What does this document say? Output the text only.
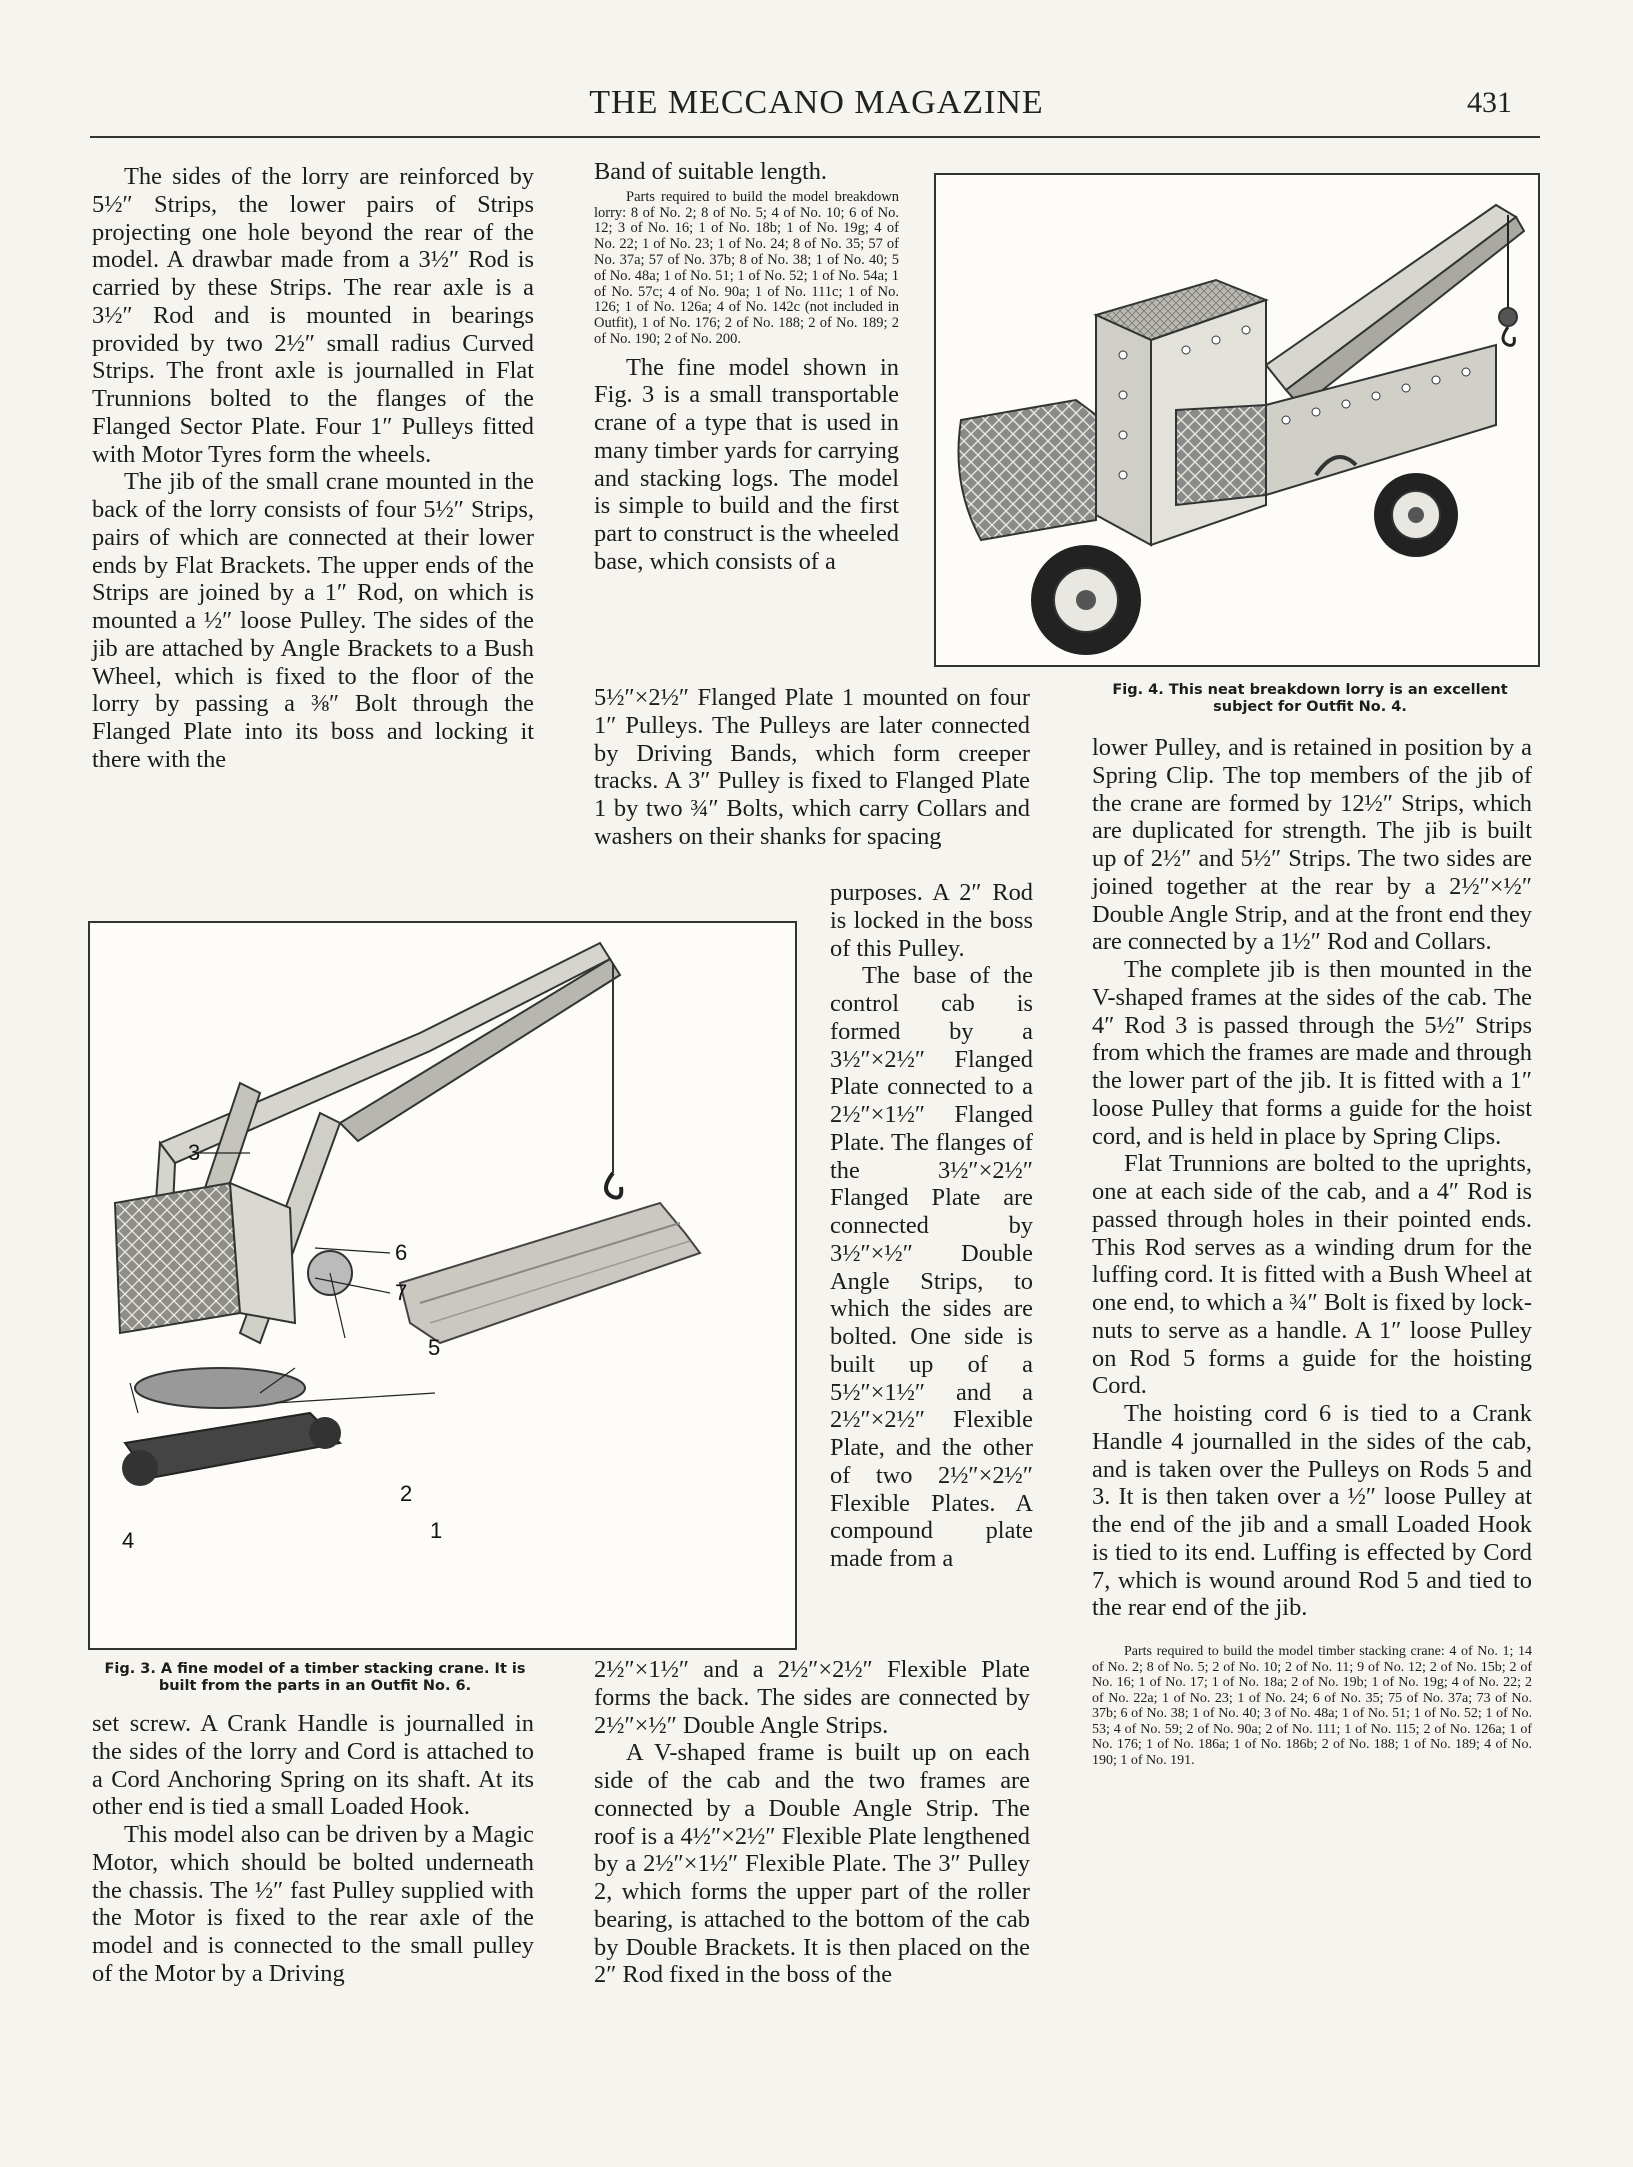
THE MECCANO MAGAZINE	431

The sides of the lorry are reinforced by 5½″ Strips, the lower pairs of Strips projecting one hole beyond the rear of the model. A drawbar made from a 3½″ Rod is carried by these Strips. The rear axle is a 3½″ Rod and is mounted in bearings provided by two 2½″ small radius Curved Strips. The front axle is journalled in Flat Trunnions bolted to the flanges of the Flanged Sector Plate. Four 1″ Pulleys fitted with Motor Tyres form the wheels.

The jib of the small crane mounted in the back of the lorry consists of four 5½″ Strips, pairs of which are connected at their lower ends by Flat Brackets. The upper ends of the Strips are joined by a 1″ Rod, on which is mounted a ½″ loose Pulley. The sides of the jib are attached by Angle Brackets to a Bush Wheel, which is fixed to the floor of the lorry by passing a ⅜″ Bolt through the Flanged Plate into its boss and locking it there with the

Band of suitable length.

Parts required to build the model breakdown lorry: 8 of No. 2; 8 of No. 5; 4 of No. 10; 6 of No. 12; 3 of No. 16; 1 of No. 18b; 1 of No. 19g; 4 of No. 22; 1 of No. 23; 1 of No. 24; 8 of No. 35; 57 of No. 37a; 57 of No. 37b; 8 of No. 38; 1 of No. 40; 5 of No. 48a; 1 of No. 51; 1 of No. 52; 1 of No. 54a; 1 of No. 57c; 4 of No. 90a; 1 of No. 111c; 1 of No. 126; 1 of No. 126a; 4 of No. 142c (not included in Outfit), 1 of No. 176; 2 of No. 188; 2 of No. 189; 2 of No. 190; 2 of No. 200.

The fine model shown in Fig. 3 is a small transportable crane of a type that is used in many timber yards for carrying and stacking logs. The model is simple to build and the first part to construct is the wheeled base, which consists of a

5½″×2½″ Flanged Plate 1 mounted on four 1″ Pulleys. The Pulleys are later connected by Driving Bands, which form creeper tracks. A 3″ Pulley is fixed to Flanged Plate 1 by two ¾″ Bolts, which carry Collars and washers on their shanks for spacing

purposes. A 2″ Rod is locked in the boss of this Pulley.

The base of the control cab is formed by a 3½″×2½″ Flanged Plate connected to a 2½″×1½″ Flanged Plate. The flanges of the 3½″×2½″ Flanged Plate are connected by 3½″×½″ Double Angle Strips, to which the sides are bolted. One side is built up of a 5½″×1½″ and a 2½″×2½″ Flexible Plate, and the other of two 2½″×2½″ Flexible Plates. A compound plate made from a

2½″×1½″ and a 2½″×2½″ Flexible Plate forms the back. The sides are connected by 2½″×½″ Double Angle Strips.

A V-shaped frame is built up on each side of the cab and the two frames are connected by a Double Angle Strip. The roof is a 4½″×2½″ Flexible Plate lengthened by a 2½″×1½″ Flexible Plate. The 3″ Pulley 2, which forms the upper part of the roller bearing, is attached to the bottom of the cab by Double Brackets. It is then placed on the 2″ Rod fixed in the boss of the

set screw. A Crank Handle is journalled in the sides of the lorry and Cord is attached to a Cord Anchoring Spring on its shaft. At its other end is tied a small Loaded Hook.

This model also can be driven by a Magic Motor, which should be bolted underneath the chassis. The ½″ fast Pulley supplied with the Motor is fixed to the rear axle of the model and is connected to the small pulley of the Motor by a Driving

lower Pulley, and is retained in position by a Spring Clip. The top members of the jib of the crane are formed by 12½″ Strips, which are duplicated for strength. The jib is built up of 2½″ and 5½″ Strips. The two sides are joined together at the rear by a 2½″×½″ Double Angle Strip, and at the front end they are connected by a 1½″ Rod and Collars.

The complete jib is then mounted in the V-shaped frames at the sides of the cab. The 4″ Rod 3 is passed through the 5½″ Strips from which the frames are made and through the lower part of the jib. It is fitted with a 1″ loose Pulley that forms a guide for the hoist cord, and is held in place by Spring Clips.

Flat Trunnions are bolted to the uprights, one at each side of the cab, and a 4″ Rod is passed through holes in their pointed ends. This Rod serves as a winding drum for the luffing cord. It is fitted with a Bush Wheel at one end, to which a ¾″ Bolt is fixed by lock-nuts to serve as a handle. A 1″ loose Pulley on Rod 5 forms a guide for the hoisting Cord.

The hoisting cord 6 is tied to a Crank Handle 4 journalled in the sides of the cab, and is taken over the Pulleys on Rods 5 and 3. It is then taken over a ½″ loose Pulley at the end of the jib and a small Loaded Hook is tied to its end. Luffing is effected by Cord 7, which is wound around Rod 5 and tied to the rear end of the jib.

Parts required to build the model timber stacking crane: 4 of No. 1; 14 of No. 2; 8 of No. 5; 2 of No. 10; 2 of No. 11; 9 of No. 12; 2 of No. 15b; 2 of No. 16; 1 of No. 17; 1 of No. 18a; 2 of No. 19b; 1 of No. 19g; 4 of No. 22; 2 of No. 22a; 1 of No. 23; 1 of No. 24; 6 of No. 35; 75 of No. 37a; 73 of No. 37b; 6 of No. 38; 1 of No. 40; 3 of No. 48a; 1 of No. 51; 1 of No. 52; 1 of No. 53; 4 of No. 59; 2 of No. 90a; 2 of No. 111; 1 of No. 115; 2 of No. 126a; 1 of No. 176; 1 of No. 186a; 1 of No. 186b; 2 of No. 188; 1 of No. 189; 4 of No. 190; 1 of No. 191.

Fig. 4. This neat breakdown lorry is an excellent
subject for Outfit No. 4.
3
6
7
5
2
1
4
Fig. 3. A fine model of a timber stacking crane. It is
built from the parts in an Outfit No. 6.
